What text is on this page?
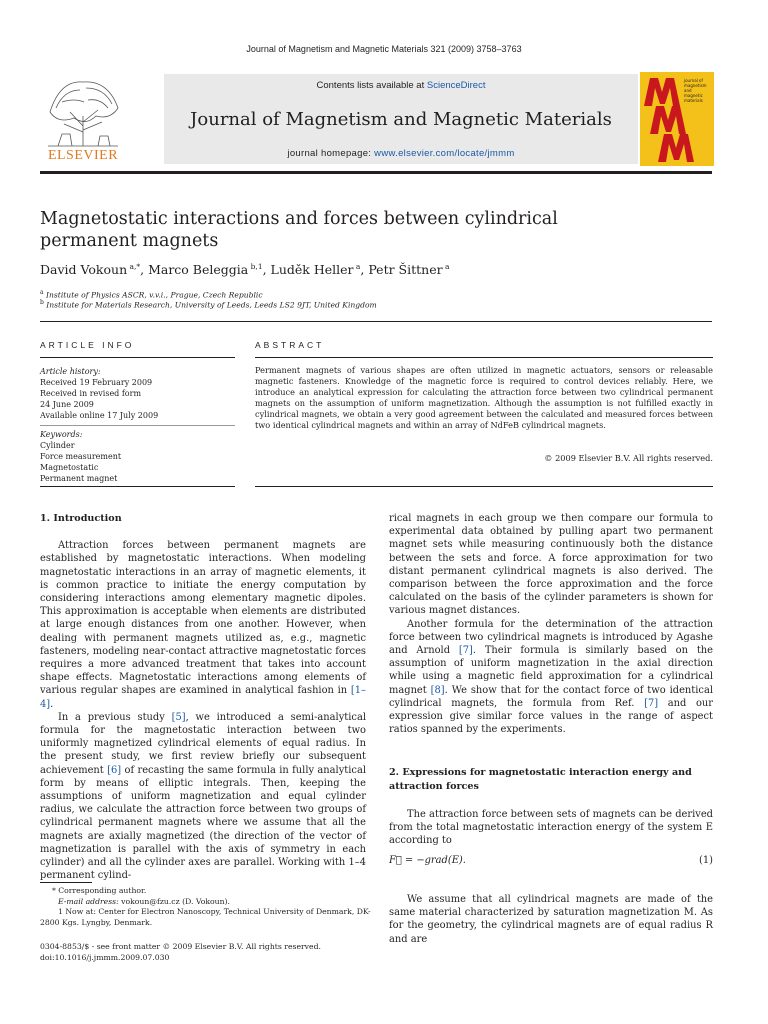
Journal of Magnetism and Magnetic Materials 321 (2009) 3758–3763
ELSEVIER
Contents lists available at ScienceDirect
Journal of Magnetism and Magnetic Materials
journal homepage: www.elsevier.com/locate/jmmm
journal of
magnetism
and
magnetic
materials
Magnetostatic interactions and forces between cylindrical permanent magnets
David Vokoun $^{a,*}$, Marco Beleggia $^{b,1}$, Luděk Heller $^a$, Petr Šittner $^a$
$^a$ Institute of Physics ASCR, v.v.i., Prague, Czech Republic
$^b$ Institute for Materials Research, University of Leeds, Leeds LS2 9JT, United Kingdom
ARTICLE INFO
Article history:
Received 19 February 2009
Received in revised form
24 June 2009
Available online 17 July 2009
Keywords:
Cylinder
Force measurement
Magnetostatic
Permanent magnet
ABSTRACT
Permanent magnets of various shapes are often utilized in magnetic actuators, sensors or releasable magnetic fasteners. Knowledge of the magnetic force is required to control devices reliably. Here, we introduce an analytical expression for calculating the attraction force between two cylindrical permanent magnets on the assumption of uniform magnetization. Although the assumption is not fulfilled exactly in cylindrical magnets, we obtain a very good agreement between the calculated and measured forces between two identical cylindrical magnets and within an array of NdFeB cylindrical magnets.
© 2009 Elsevier B.V. All rights reserved.

1. Introduction

Attraction forces between permanent magnets are established by magnetostatic interactions. When modeling magnetostatic interactions in an array of magnetic elements, it is common practice to initiate the energy computation by considering interactions among elementary magnetic dipoles. This approximation is acceptable when elements are distributed at large enough distances from one another. However, when dealing with permanent magnets utilized as, e.g., magnetic fasteners, modeling near-contact attractive magnetostatic forces requires a more advanced treatment that takes into account shape effects. Magnetostatic interactions among elements of various regular shapes are examined in analytical fashion in [1–4].

In a previous study [5], we introduced a semi-analytical formula for the magnetostatic interaction between two uniformly magnetized cylindrical elements of equal radius. In the present study, we first review briefly our subsequent achievement [6] of recasting the same formula in fully analytical form by means of elliptic integrals. Then, keeping the assumptions of uniform magnetization and equal cylinder radius, we calculate the attraction force between two groups of cylindrical permanent magnets where we assume that all the magnets are axially magnetized (the direction of the vector of magnetization is parallel with the axis of symmetry in each cylinder) and all the cylinder axes are parallel. Working with 1–4 permanent cylind-

rical magnets in each group we then compare our formula to experimental data obtained by pulling apart two permanent magnet sets while measuring continuously both the distance between the sets and force. A force approximation for two distant permanent cylindrical magnets is also derived. The comparison between the force approximation and the force calculated on the basis of the cylinder parameters is shown for various magnet distances.

Another formula for the determination of the attraction force between two cylindrical magnets is introduced by Agashe and Arnold [7]. Their formula is similarly based on the assumption of uniform magnetization in the axial direction while using a magnetic field approximation for a cylindrical magnet [8]. We show that for the contact force of two identical cylindrical magnets, the formula from Ref. [7] and our expression give similar force values in the range of aspect ratios spanned by the experiments.

2. Expressions for magnetostatic interaction energy and attraction forces
The attraction force between sets of magnets can be derived from the total magnetostatic interaction energy of the system E according to
F⃗ = −grad(E).	(1)
We assume that all cylindrical magnets are made of the same material characterized by saturation magnetization M. As for the geometry, the cylindrical magnets are of equal radius R and are

* Corresponding author.

E-mail address: vokoun@fzu.cz (D. Vokoun).

1 Now at: Center for Electron Nanoscopy, Technical University of Denmark, DK-2800 Kgs. Lyngby, Denmark.

0304-8853/$ - see front matter © 2009 Elsevier B.V. All rights reserved.
doi:10.1016/j.jmmm.2009.07.030
